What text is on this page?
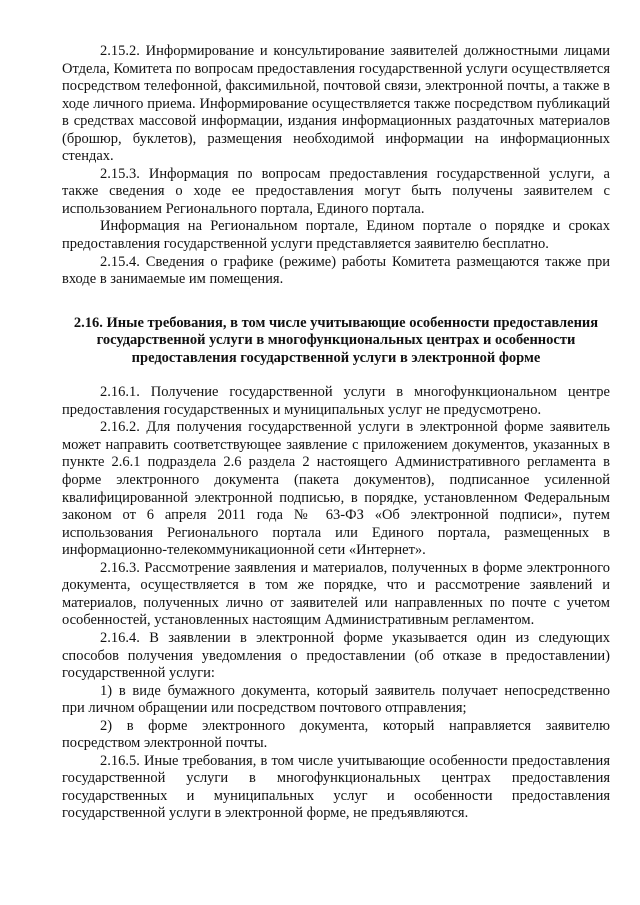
2.15.2. Информирование и консультирование заявителей должностными лицами Отдела, Комитета по вопросам предоставления государственной услуги осуществляется посредством телефонной, факсимильной, почтовой связи, электронной почты, а также в ходе личного приема. Информирование осуществляется также посредством публикаций в средствах массовой информации, издания информационных раздаточных материалов (брошюр, буклетов), размещения необходимой информации на информационных стендах.

2.15.3. Информация по вопросам предоставления государственной услуги, а также сведения о ходе ее предоставления могут быть получены заявителем с использованием Регионального портала, Единого портала.

Информация на Региональном портале, Едином портале о порядке и сроках предоставления государственной услуги представляется заявителю бесплатно.

2.15.4. Сведения о графике (режиме) работы Комитета размещаются также при входе в занимаемые им помещения.

2.16. Иные требования, в том числе учитывающие особенности предоставления государственной услуги в многофункциональных центрах и особенности предоставления государственной услуги в электронной форме

2.16.1. Получение государственной услуги в многофункциональном центре предоставления государственных и муниципальных услуг не предусмотрено.

2.16.2. Для получения государственной услуги в электронной форме заявитель может направить соответствующее заявление с приложением документов, указанных в пункте 2.6.1 подраздела 2.6 раздела 2 настоящего Административного регламента в форме электронного документа (пакета документов), подписанное усиленной квалифицированной электронной подписью, в порядке, установленном Федеральным законом от 6 апреля 2011 года № 63-ФЗ «Об электронной подписи», путем использования Регионального портала или Единого портала, размещенных в информационно-телекоммуникационной сети «Интернет».

2.16.3. Рассмотрение заявления и материалов, полученных в форме электронного документа, осуществляется в том же порядке, что и рассмотрение заявлений и материалов, полученных лично от заявителей или направленных по почте с учетом особенностей, установленных настоящим Административным регламентом.

2.16.4. В заявлении в электронной форме указывается один из следующих способов получения уведомления о предоставлении (об отказе в предоставлении) государственной услуги:

1) в виде бумажного документа, который заявитель получает непосредственно при личном обращении или посредством почтового отправления;

2) в форме электронного документа, который направляется заявителю посредством электронной почты.

2.16.5. Иные требования, в том числе учитывающие особенности предоставления государственной услуги в многофункциональных центрах предоставления государственных и муниципальных услуг и особенности предоставления государственной услуги в электронной форме, не предъявляются.
